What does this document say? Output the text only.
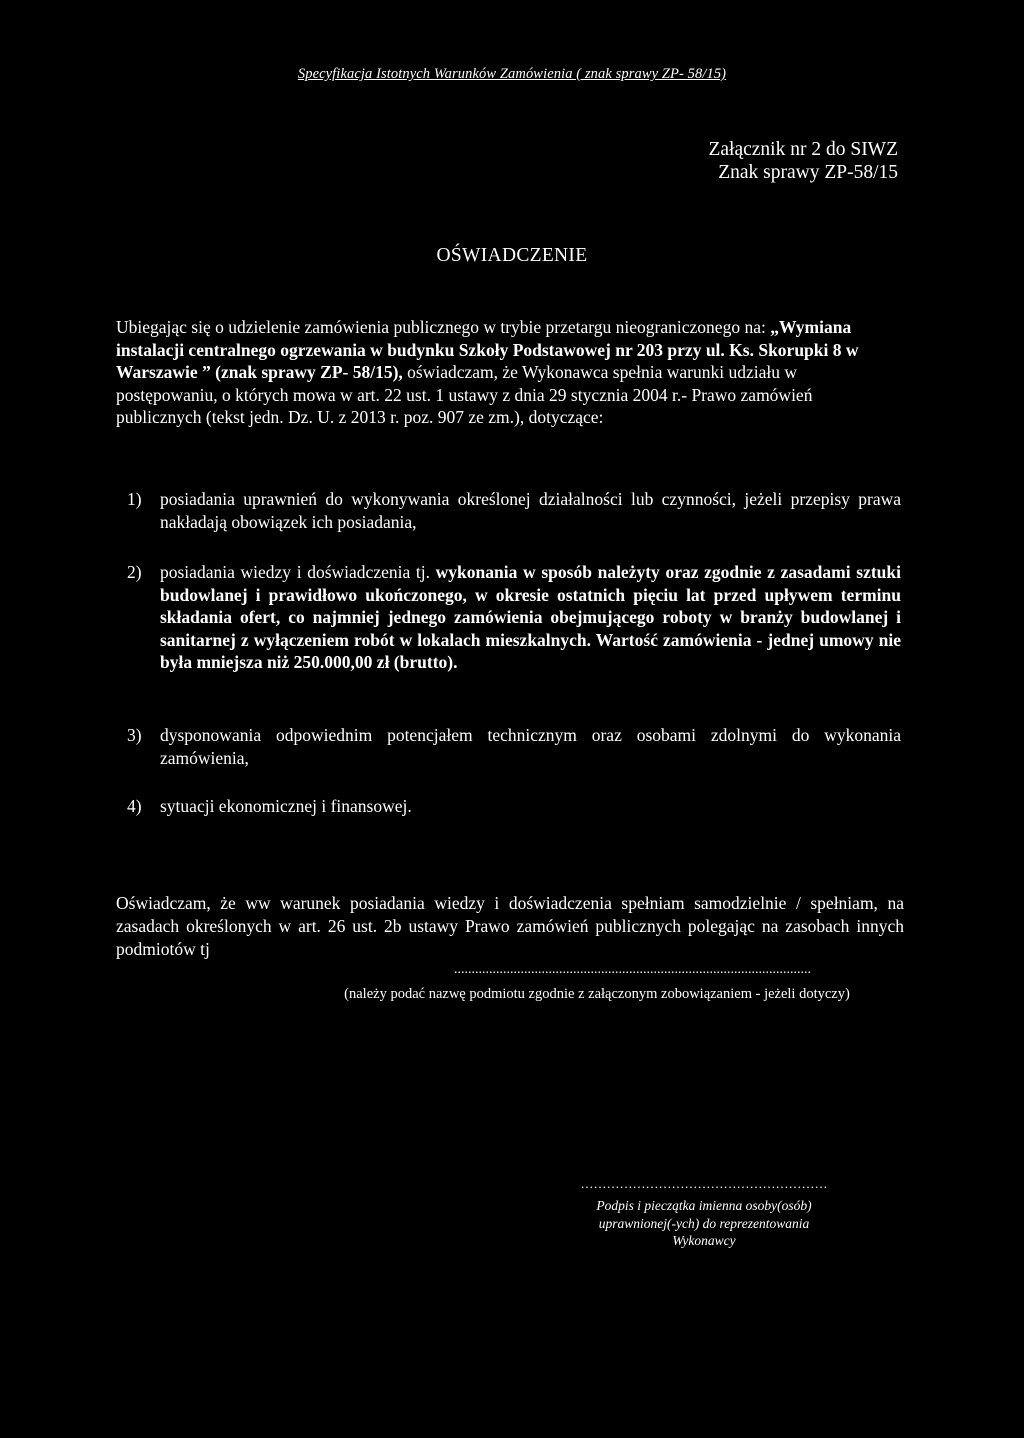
Specyfikacja Istotnych Warunków Zamówienia ( znak sprawy ZP- 58/15)
Załącznik nr 2 do SIWZ
Znak sprawy ZP-58/15
OŚWIADCZENIE
Ubiegając się o udzielenie zamówienia publicznego w trybie przetargu nieograniczonego na: „Wymiana instalacji centralnego ogrzewania w budynku Szkoły Podstawowej nr 203 przy ul. Ks. Skorupki 8 w Warszawie ” (znak sprawy ZP- 58/15), oświadczam, że Wykonawca spełnia warunki udziału w postępowaniu, o których mowa w art. 22 ust. 1 ustawy z dnia 29 stycznia 2004 r.- Prawo zamówień publicznych (tekst jedn. Dz. U. z 2013 r. poz. 907 ze zm.), dotyczące:
1) posiadania uprawnień do wykonywania określonej działalności lub czynności, jeżeli przepisy prawa nakładają obowiązek ich posiadania,
2) posiadania wiedzy i doświadczenia tj. wykonania w sposób należyty oraz zgodnie z zasadami sztuki budowlanej i prawidłowo ukończonego, w okresie ostatnich pięciu lat przed upływem terminu składania ofert, co najmniej jednego zamówienia obejmującego roboty w branży budowlanej i sanitarnej z wyłączeniem robót w lokalach mieszkalnych. Wartość zamówienia - jednej umowy nie była mniejsza niż 250.000,00 zł (brutto).
3) dysponowania odpowiednim potencjałem technicznym oraz osobami zdolnymi do wykonania zamówienia,
4) sytuacji ekonomicznej i finansowej.
Oświadczam, że ww warunek posiadania wiedzy i doświadczenia spełniam samodzielnie / spełniam, na zasadach określonych w art. 26 ust. 2b ustawy Prawo zamówień publicznych polegając na zasobach innych podmiotów tj
......................................................................................................
(należy podać nazwę podmiotu zgodnie z załączonym zobowiązaniem - jeżeli dotyczy)
…………………………………………………
Podpis i pieczątka imienna osoby(osób)
uprawnionej(-ych) do reprezentowania
Wykonawcy
